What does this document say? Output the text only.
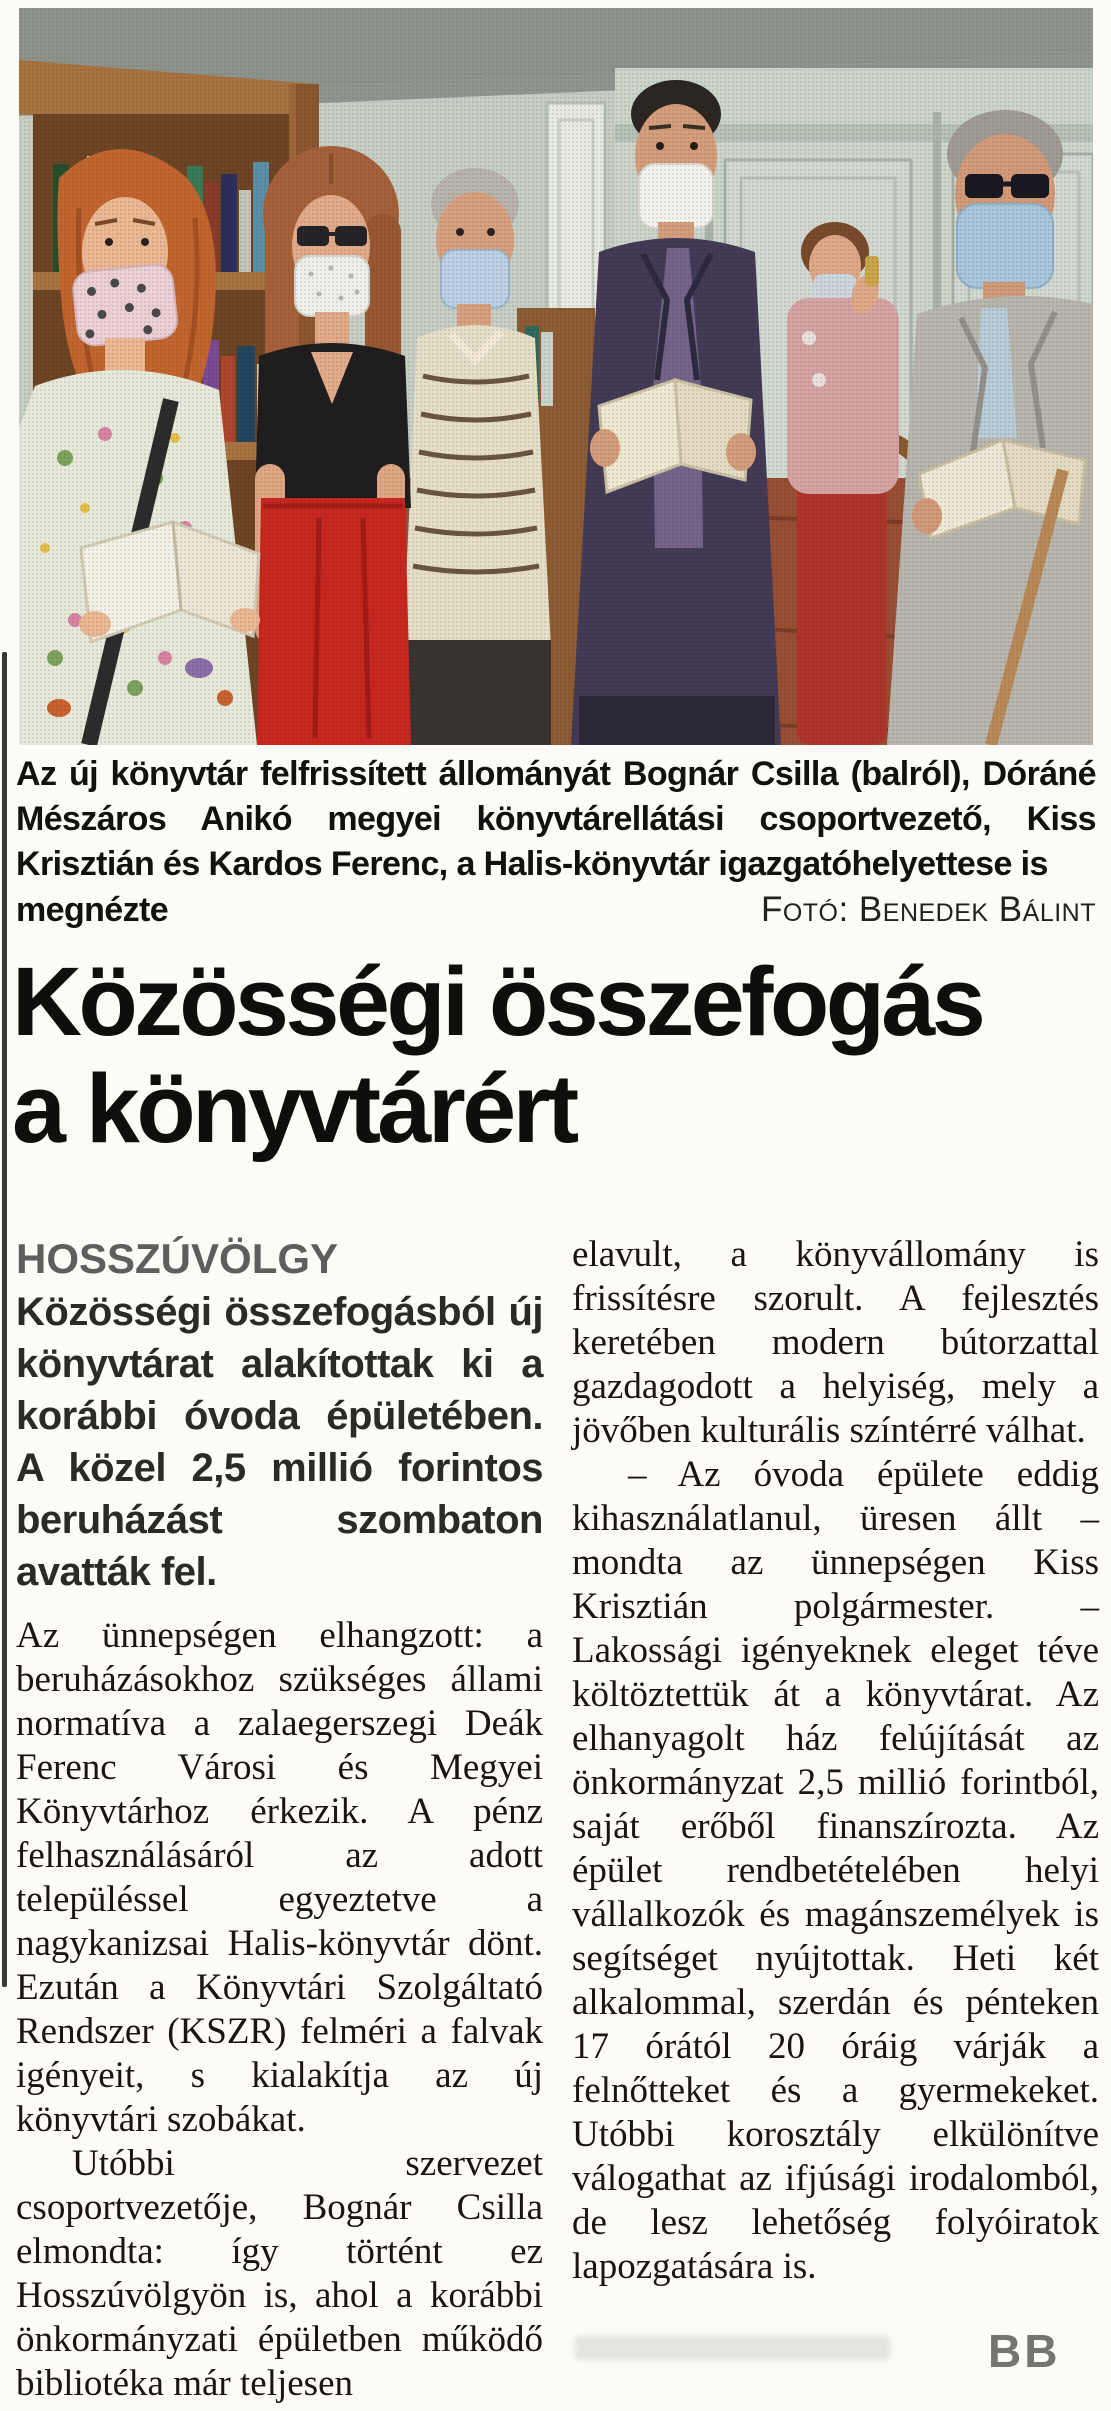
Az új könyvtár felfrissített állományát Bognár Csilla (balról), Dóráné Mészáros Anikó megyei könyvtárellátási csoportvezető, Kiss Krisztián és Kardos Ferenc, a Halis-könyvtár igazgatóhelyettese is

megnézte	Fotó: Benedek Bálint
Közösségi összefogás
a könyvtárért

HOSSZÚVÖLGY Közösségi összefogásból új könyvtárat alakítottak ki a korábbi óvoda épületében. A közel 2,5 millió forintos beruházást szombaton avatták fel.

Az ünnepségen elhangzott: a beruházásokhoz szükséges állami normatíva a zalaegerszegi Deák Ferenc Városi és Megyei Könyvtárhoz érkezik. A pénz felhasználásáról az adott településsel egyeztetve a nagykanizsai Halis-könyvtár dönt. Ezután a Könyvtári Szolgáltató Rendszer (KSZR) felméri a falvak igényeit, s kialakítja az új könyvtári szobákat.

Utóbbi szervezet csoportvezetője, Bognár Csilla elmondta: így történt ez Hosszúvölgyön is, ahol a korábbi önkormányzati épületben működő bibliotéka már teljesen

elavult, a könyvállomány is frissítésre szorult. A fejlesztés keretében modern bútorzattal gazdagodott a helyiség, mely a jövőben kulturális színtérré válhat.

– Az óvoda épülete eddig kihasználatlanul, üresen állt – mondta az ünnepségen Kiss Krisztián polgármester. – Lakossági igényeknek eleget téve költöztettük át a könyvtárat. Az elhanyagolt ház felújítását az önkormányzat 2,5 millió forintból, saját erőből finanszírozta. Az épület rendbetételében helyi vállalkozók és magánszemélyek is segítséget nyújtottak. Heti két alkalommal, szerdán és pénteken 17 órától 20 óráig várják a felnőtteket és a gyermekeket. Utóbbi korosztály elkülönítve válogathat az ifjúsági irodalomból, de lesz lehetőség folyóiratok lapozgatására is.

BB
